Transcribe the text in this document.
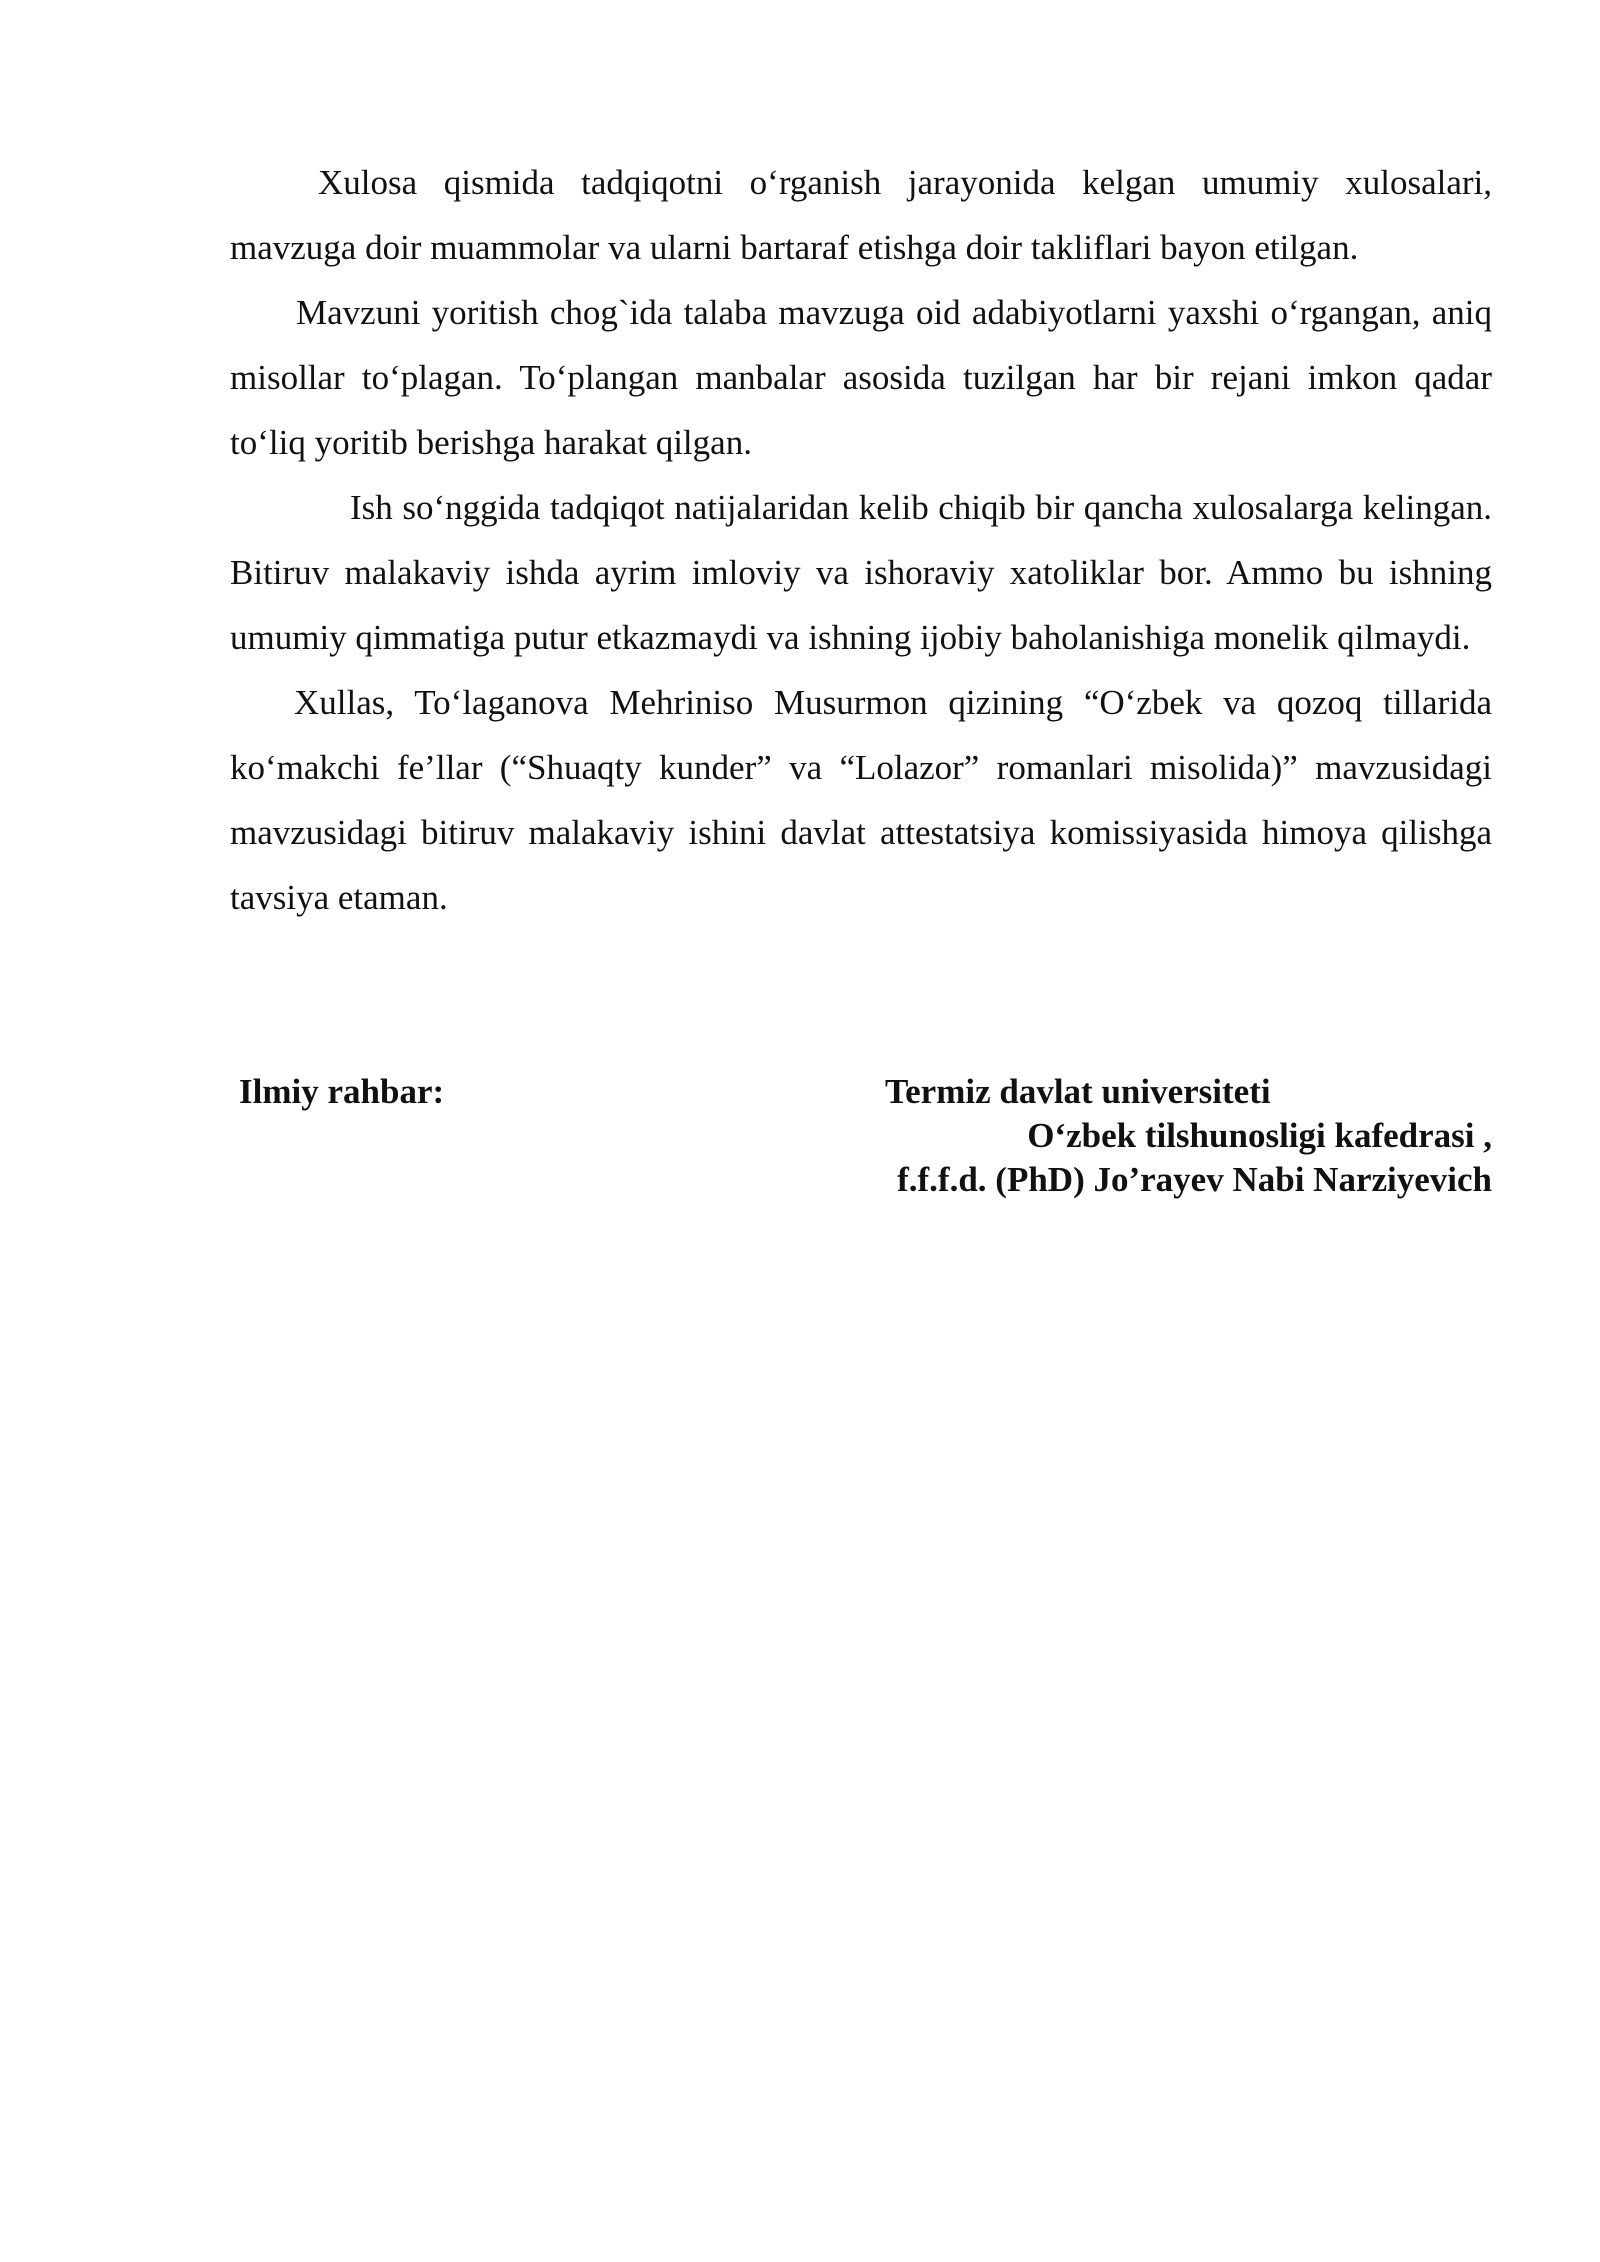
Xulosa qismida tadqiqotni o‘rganish jarayonida kelgan umumiy xulosalari, mavzuga doir muammolar va ularni bartaraf etishga doir takliflari bayon etilgan.

Mavzuni yoritish chog`ida talaba mavzuga oid adabiyotlarni yaxshi o‘rgangan, aniq misollar to‘plagan. To‘plangan manbalar asosida tuzilgan har bir rejani imkon qadar to‘liq yoritib berishga harakat qilgan.

Ish so‘nggida tadqiqot natijalaridan kelib chiqib bir qancha xulosalarga kelingan. Bitiruv malakaviy ishda ayrim imloviy va ishoraviy xatoliklar bor. Ammo bu ishning umumiy qimmatiga putur etkazmaydi va ishning ijobiy baholanishiga monelik qilmaydi.

Xullas, To‘laganova Mehriniso Musurmon qizining “O‘zbek va qozoq tillarida ko‘makchi fe’llar (“Shuaqty kunder” va “Lolazor” romanlari misolida)” mavzusidagi mavzusidagi bitiruv malakaviy ishini davlat attestatsiya komissiyasida himoya qilishga tavsiya etaman.

Ilmiy rahbar:	Termiz davlat universiteti
O‘zbek tilshunosligi kafedrasi ,
f.f.f.d. (PhD) Jo’rayev Nabi Narziyevich
